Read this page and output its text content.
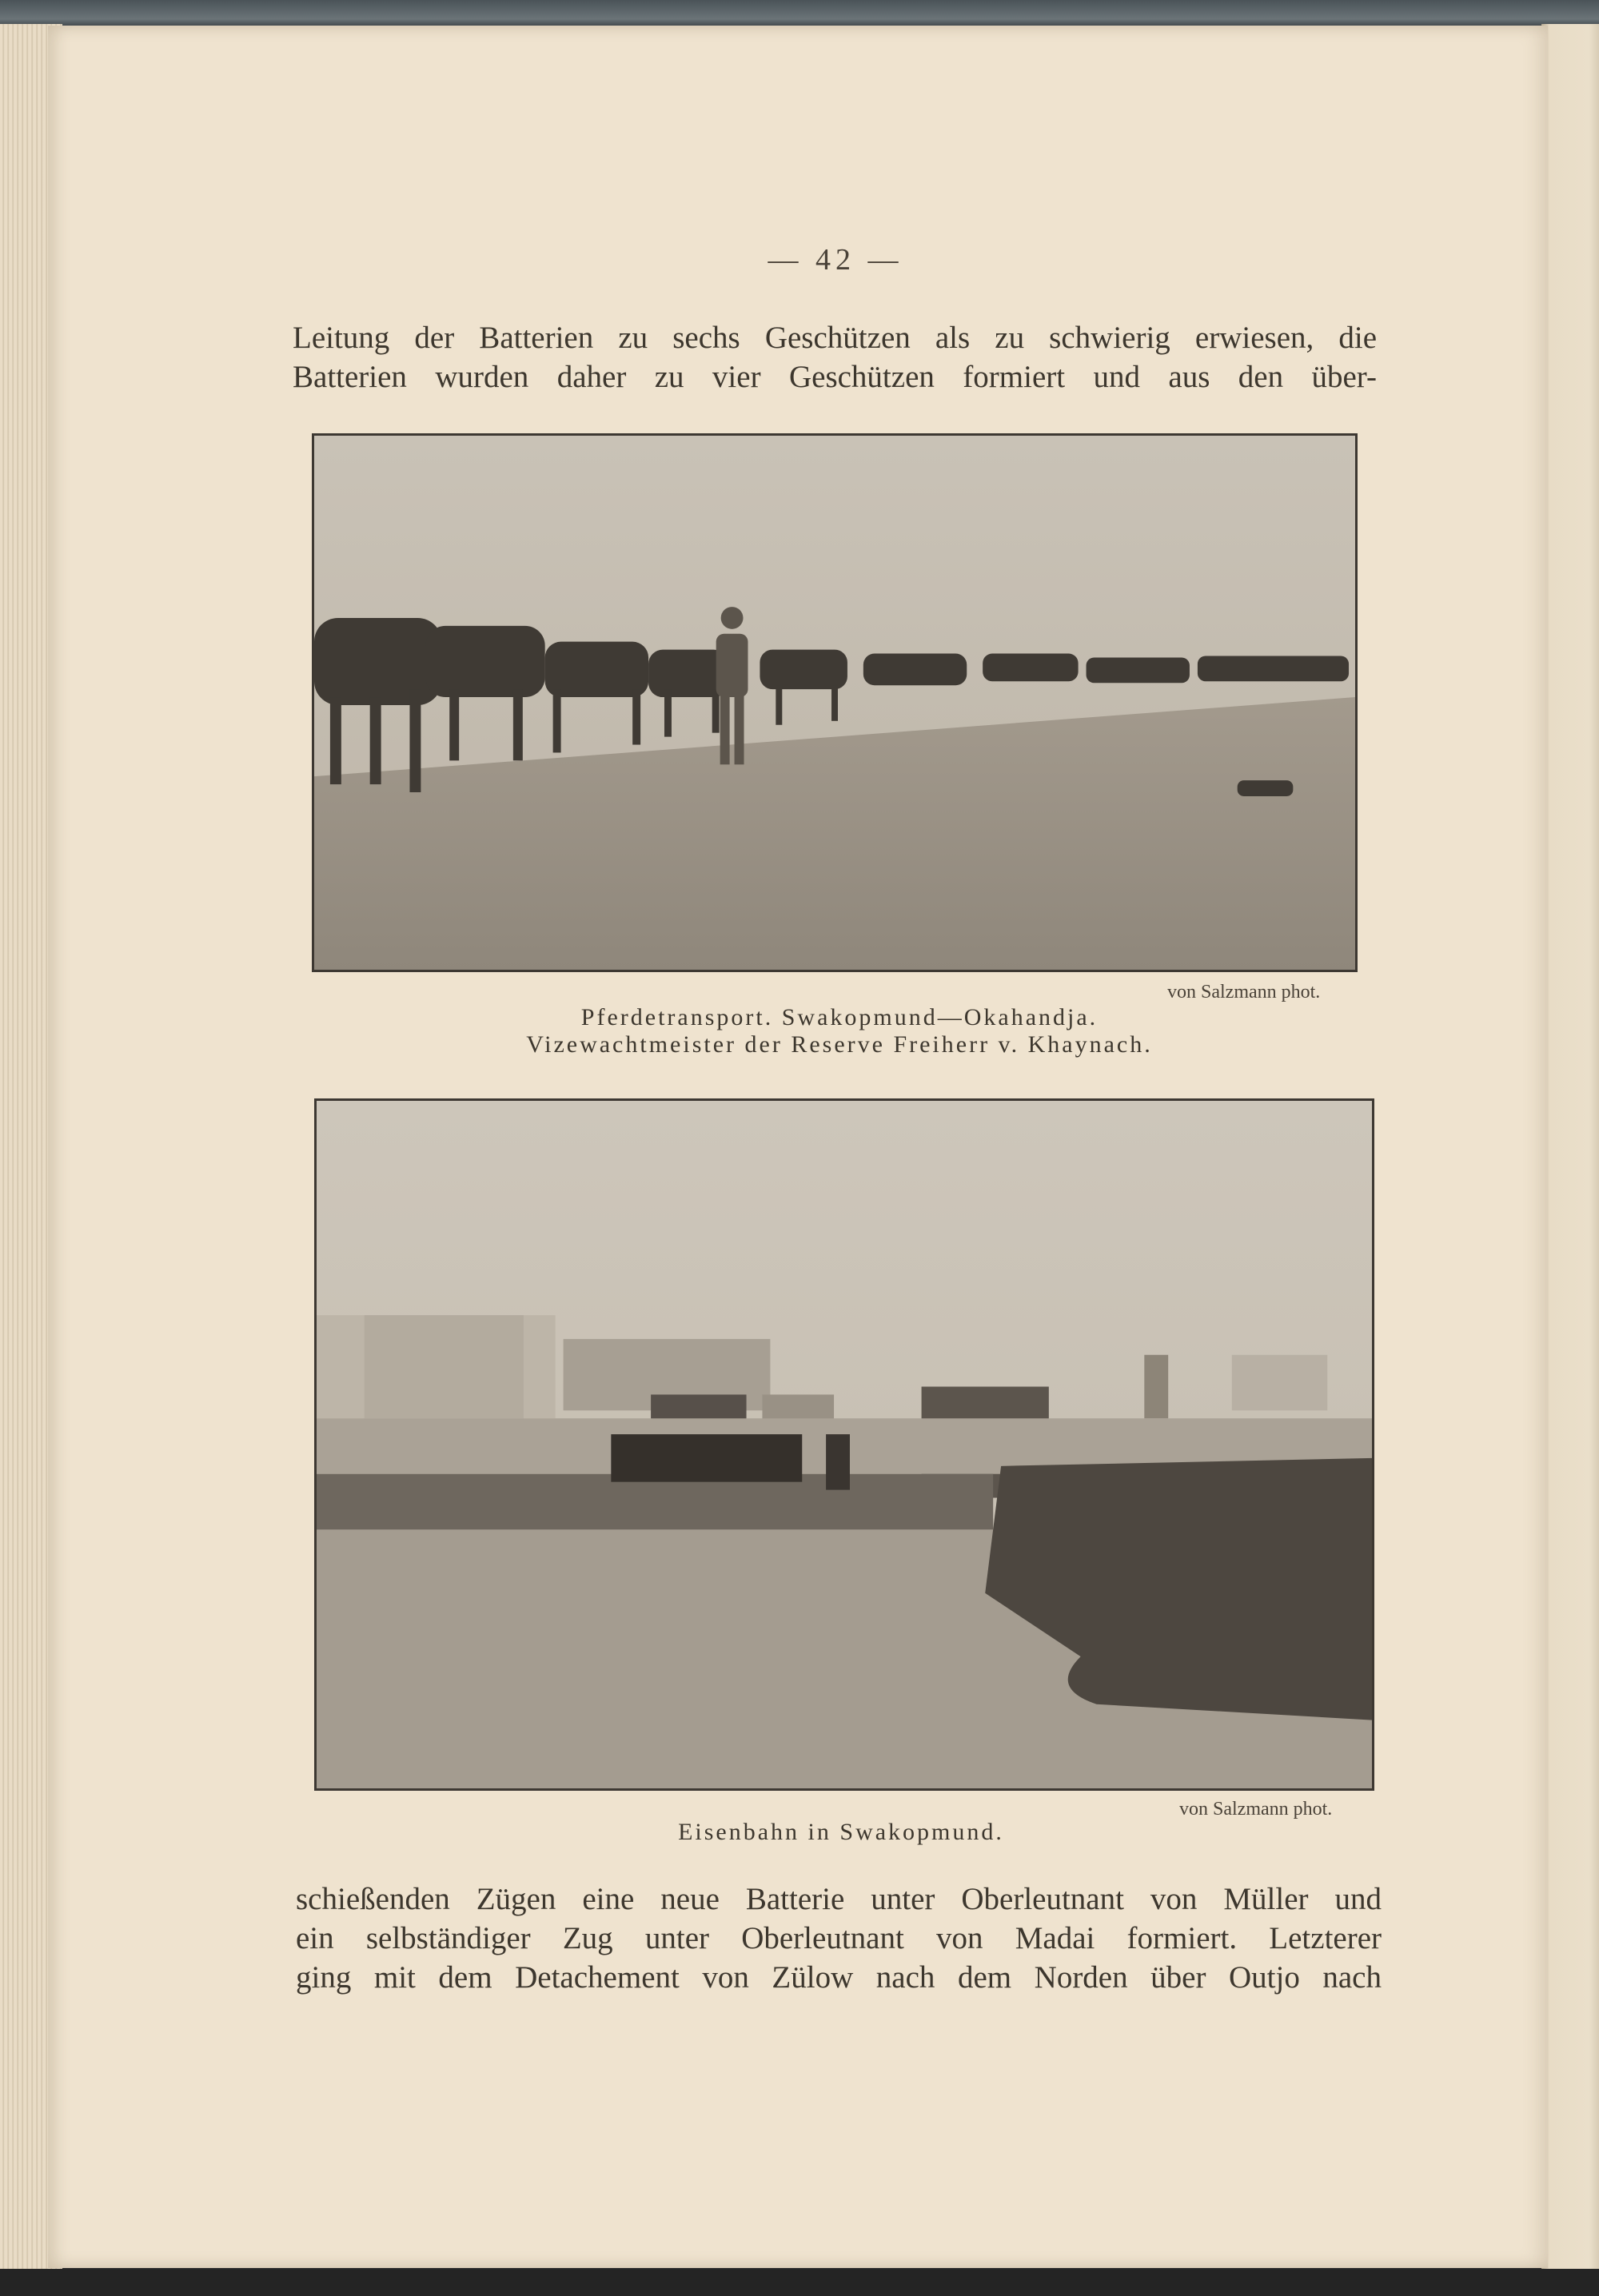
— 42 —

Leitung der Batterien zu sechs Geschützen als zu schwierig erwiesen, die
Batterien wurden daher zu vier Geschützen formiert und aus den über-

von Salzmann phot.
Pferdetransport. Swakopmund—Okahandja.
Vizewachtmeister der Reserve Freiherr v. Khaynach.
von Salzmann phot.
Eisenbahn in Swakopmund.

schießenden Zügen eine neue Batterie unter Oberleutnant von Müller und
ein selbständiger Zug unter Oberleutnant von Madai formiert. Letzterer
ging mit dem Detachement von Zülow nach dem Norden über Outjo nach
